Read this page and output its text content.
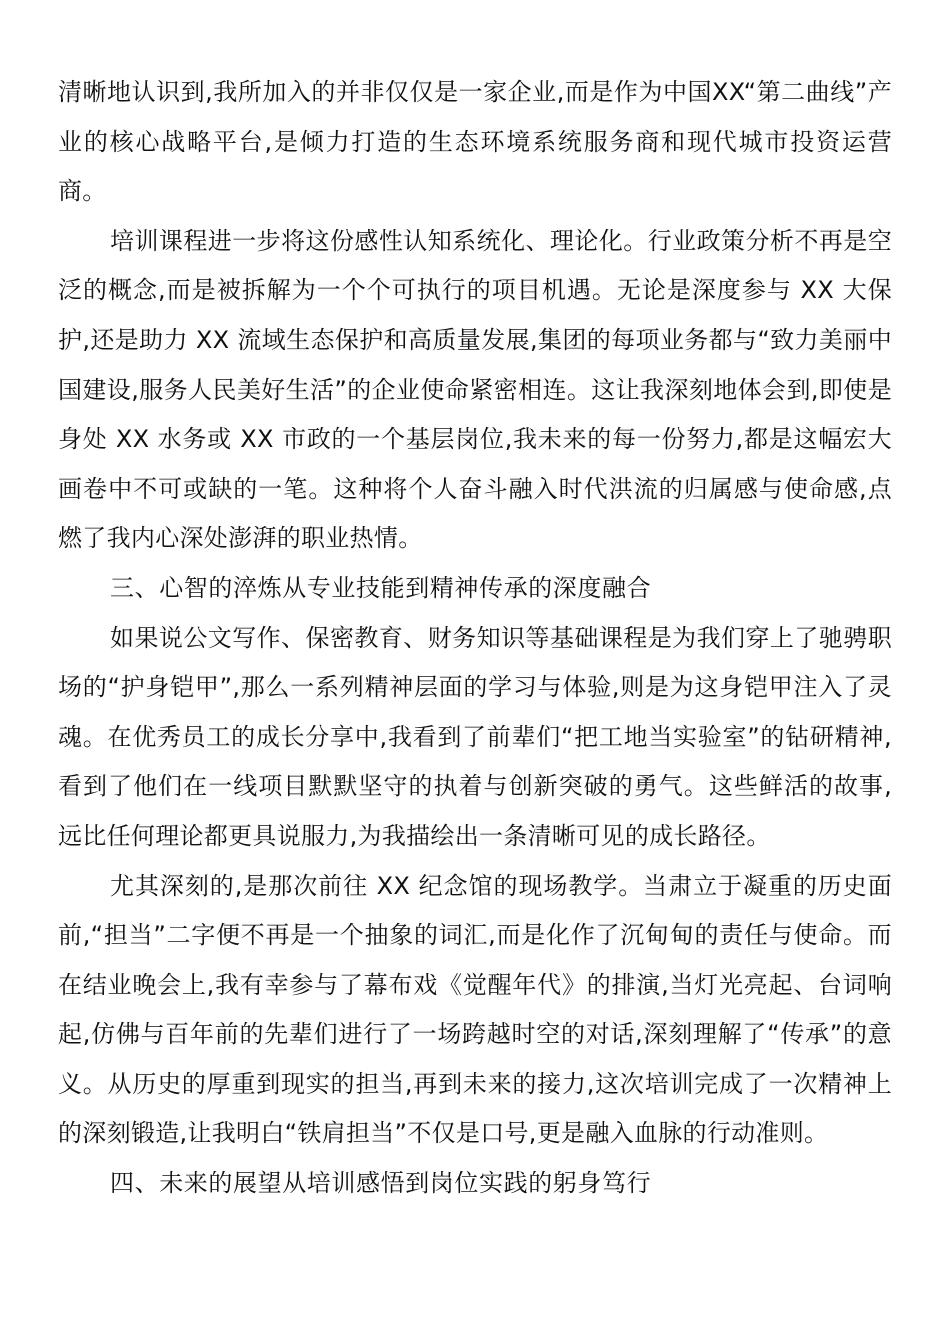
清晰地认识到,我所加入的并非仅仅是一家企业,而是作为中国XX“第二曲线”产业的核心战略平台,是倾力打造的生态环境系统服务商和现代城市投资运营商。

培训课程进一步将这份感性认知系统化、理论化。行业政策分析不再是空泛的概念,而是被拆解为一个个可执行的项目机遇。无论是深度参与 XX 大保护,还是助力 XX 流域生态保护和高质量发展,集团的每项业务都与“致力美丽中国建设,服务人民美好生活”的企业使命紧密相连。这让我深刻地体会到,即使是身处 XX 水务或 XX 市政的一个基层岗位,我未来的每一份努力,都是这幅宏大画卷中不可或缺的一笔。这种将个人奋斗融入时代洪流的归属感与使命感,点燃了我内心深处澎湃的职业热情。

三、心智的淬炼从专业技能到精神传承的深度融合

如果说公文写作、保密教育、财务知识等基础课程是为我们穿上了驰骋职场的“护身铠甲”,那么一系列精神层面的学习与体验,则是为这身铠甲注入了灵魂。在优秀员工的成长分享中,我看到了前辈们“把工地当实验室”的钻研精神,看到了他们在一线项目默默坚守的执着与创新突破的勇气。这些鲜活的故事,远比任何理论都更具说服力,为我描绘出一条清晰可见的成长路径。

尤其深刻的,是那次前往 XX 纪念馆的现场教学。当肃立于凝重的历史面前,“担当”二字便不再是一个抽象的词汇,而是化作了沉甸甸的责任与使命。而在结业晚会上,我有幸参与了幕布戏《觉醒年代》的排演,当灯光亮起、台词响起,仿佛与百年前的先辈们进行了一场跨越时空的对话,深刻理解了“传承”的意义。从历史的厚重到现实的担当,再到未来的接力,这次培训完成了一次精神上的深刻锻造,让我明白“铁肩担当”不仅是口号,更是融入血脉的行动准则。

四、未来的展望从培训感悟到岗位实践的躬身笃行
